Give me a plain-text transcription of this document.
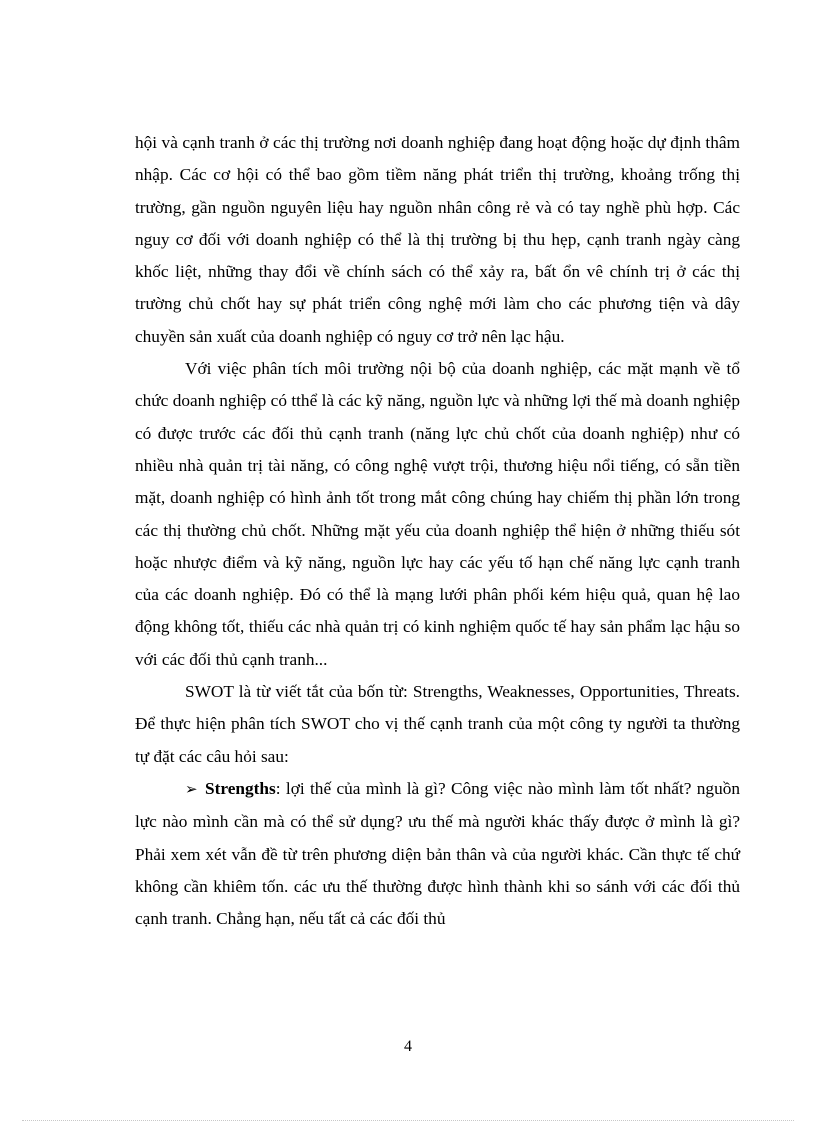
hội và cạnh tranh ở các thị trường nơi doanh nghiệp đang hoạt động hoặc dự định thâm nhập. Các cơ hội có thể bao gồm tiềm năng phát triển thị trường, khoảng trống thị trường, gần nguồn nguyên liệu hay nguồn nhân công rẻ và có tay nghề phù hợp. Các nguy cơ đối với doanh nghiệp có thể là thị trường bị thu hẹp, cạnh tranh ngày càng khốc liệt, những thay đổi về chính sách có thể xảy ra, bất ổn vê chính trị ở các thị trường chủ chốt hay sự phát triển công nghệ mới làm cho các phương tiện và dây chuyền sản xuất của doanh nghiệp có nguy cơ trở nên lạc hậu.

Với việc phân tích môi trường nội bộ của doanh nghiệp, các mặt mạnh về tổ chức doanh nghiệp có tthể là các kỹ năng, nguồn lực và những lợi thế mà doanh nghiệp có được trước các đối thủ cạnh tranh (năng lực chủ chốt của doanh nghiệp) như có nhiều nhà quản trị tài năng, có công nghệ vượt trội, thương hiệu nổi tiếng, có sẵn tiền mặt, doanh nghiệp có hình ảnh tốt trong mắt công chúng hay chiếm thị phần lớn trong các thị thường chủ chốt. Những mặt yếu của doanh nghiệp thể hiện ở những thiếu sót hoặc nhược điểm và kỹ năng, nguồn lực hay các yếu tố hạn chế năng lực cạnh tranh của các doanh nghiệp. Đó có thể là mạng lưới phân phối kém hiệu quả, quan hệ lao động không tốt, thiếu các nhà quản trị có kinh nghiệm quốc tế hay sản phẩm lạc hậu so với các đối thủ cạnh tranh...

SWOT là từ viết tắt của bốn từ: Strengths, Weaknesses, Opportunities, Threats. Để thực hiện phân tích SWOT cho vị thế cạnh tranh của một công ty người ta thường tự đặt các câu hỏi sau:

➢ Strengths: lợi thế của mình là gì? Công việc nào mình làm tốt nhất? nguồn lực nào mình cần mà có thể sử dụng? ưu thế mà người khác thấy được ở mình là gì? Phải xem xét vẫn đề từ trên phương diện bản thân và của người khác. Cần thực tế chứ không cần khiêm tốn. các ưu thế thường được hình thành khi so sánh với các đối thủ cạnh tranh. Chẳng hạn, nếu tất cả các đối thủ

4
